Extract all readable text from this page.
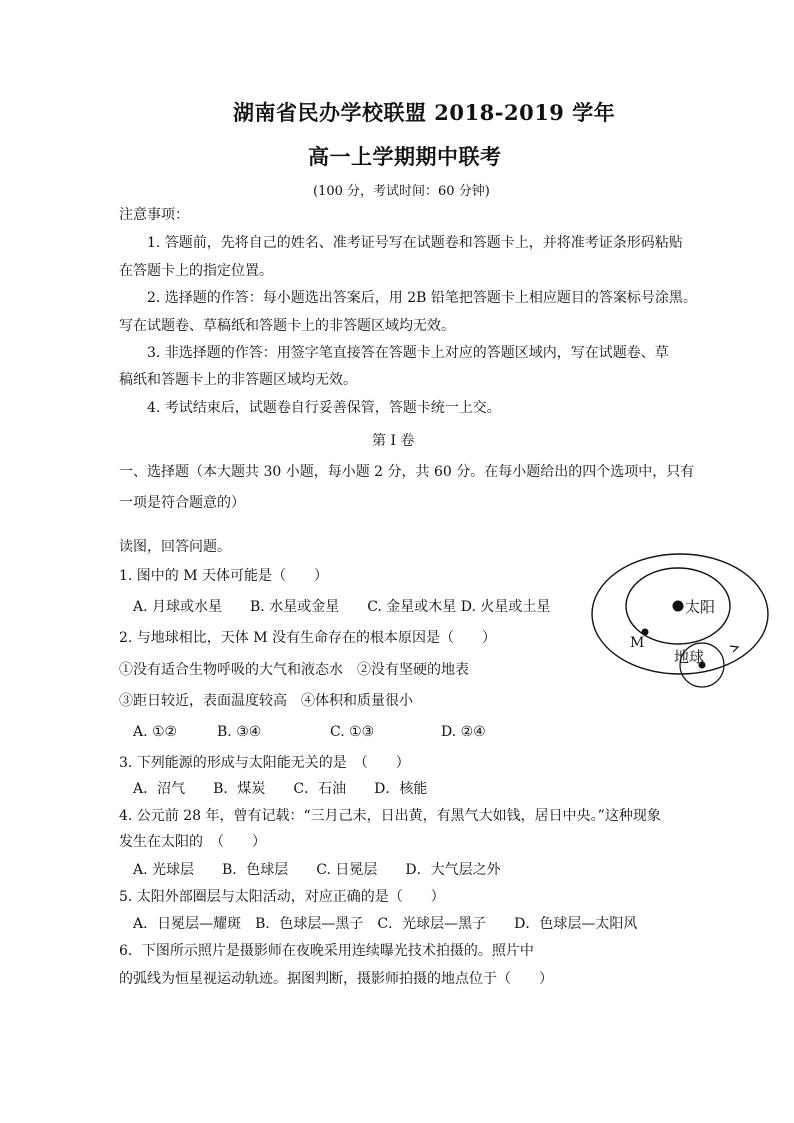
湖南省民办学校联盟 2018-2019 学年
高一上学期期中联考
(100 分，考试时间：60 分钟)
注意事项：
1. 答题前，先将自己的姓名、准考证号写在试题卷和答题卡上，并将准考证条形码粘贴
在答题卡上的指定位置。
2. 选择题的作答：每小题选出答案后，用 2B 铅笔把答题卡上相应题目的答案标号涂黑。
写在试题卷、草稿纸和答题卡上的非答题区域均无效。
3. 非选择题的作答：用签字笔直接答在答题卡上对应的答题区域内，写在试题卷、草
稿纸和答题卡上的非答题区域均无效。
4. 考试结束后，试题卷自行妥善保管，答题卡统一上交。
第 I 卷
一、选择题（本大题共 30 小题，每小题 2 分，共 60 分。在每小题给出的四个选项中，只有
一项是符合题意的）
读图，回答问题。
1. 图中的 M 天体可能是（　　）
A. 月球或水星　　B. 水星或金星　　C. 金星或木星 D. 火星或土星
2. 与地球相比，天体 M 没有生命存在的根本原因是（　　）
①没有适合生物呼吸的大气和液态水　②没有坚硬的地表
③距日较近，表面温度较高　④体积和质量很小
A. ①②	B. ③④	C. ①③	D. ②④
3. 下列能源的形成与太阳能无关的是　（　　）
A．沼气　　B．煤炭　　C．石油　　D．核能
4. 公元前 28 年，曾有记载：“三月己未，日出黄，有黑气大如钱，居日中央。”这种现象
发生在太阳的　（　　）
A. 光球层　　B．色球层　　C. 日冕层　　D．大气层之外
5. 太阳外部圈层与太阳活动，对应正确的是（　　）
A．日冕层—耀斑　B．色球层—黑子　C．光球层—黑子　　D．色球层—太阳风
6．下图所示照片是摄影师在夜晚采用连续曝光技术拍摄的。照片中
的弧线为恒星视运动轨迹。据图判断，摄影师拍摄的地点位于（　　）
太阳
M
地球
